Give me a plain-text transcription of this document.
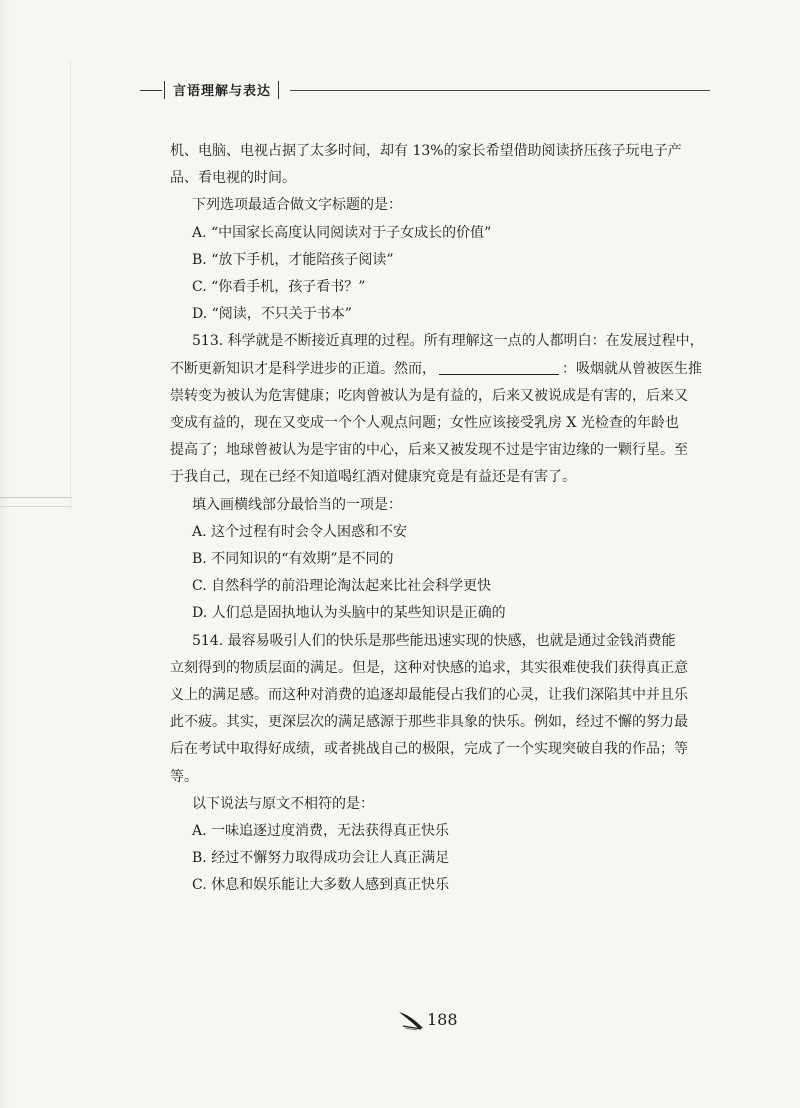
言语理解与表达

机、电脑、电视占据了太多时间，却有 13%的家长希望借助阅读挤压孩子玩电子产

品、看电视的时间。

下列选项最适合做文字标题的是：

A. “中国家长高度认同阅读对于子女成长的价值”

B. “放下手机，才能陪孩子阅读”

C. “你看手机，孩子看书？”

D. “阅读，不只关于书本”

513. 科学就是不断接近真理的过程。所有理解这一点的人都明白：在发展过程中，

不断更新知识才是科学进步的正道。然而，	：吸烟就从曾被医生推

崇转变为被认为危害健康；吃肉曾被认为是有益的，后来又被说成是有害的，后来又

变成有益的，现在又变成一个个人观点问题；女性应该接受乳房 X 光检查的年龄也

提高了；地球曾被认为是宇宙的中心，后来又被发现不过是宇宙边缘的一颗行星。至

于我自己，现在已经不知道喝红酒对健康究竟是有益还是有害了。

填入画横线部分最恰当的一项是：

A. 这个过程有时会令人困惑和不安

B. 不同知识的“有效期”是不同的

C. 自然科学的前沿理论淘汰起来比社会科学更快

D. 人们总是固执地认为头脑中的某些知识是正确的

514. 最容易吸引人们的快乐是那些能迅速实现的快感，也就是通过金钱消费能

立刻得到的物质层面的满足。但是，这种对快感的追求，其实很难使我们获得真正意

义上的满足感。而这种对消费的追逐却最能侵占我们的心灵，让我们深陷其中并且乐

此不疲。其实，更深层次的满足感源于那些非具象的快乐。例如，经过不懈的努力最

后在考试中取得好成绩，或者挑战自己的极限，完成了一个实现突破自我的作品；等

等。

以下说法与原文不相符的是：

A. 一味追逐过度消费，无法获得真正快乐

B. 经过不懈努力取得成功会让人真正满足

C. 休息和娱乐能让大多数人感到真正快乐

188
